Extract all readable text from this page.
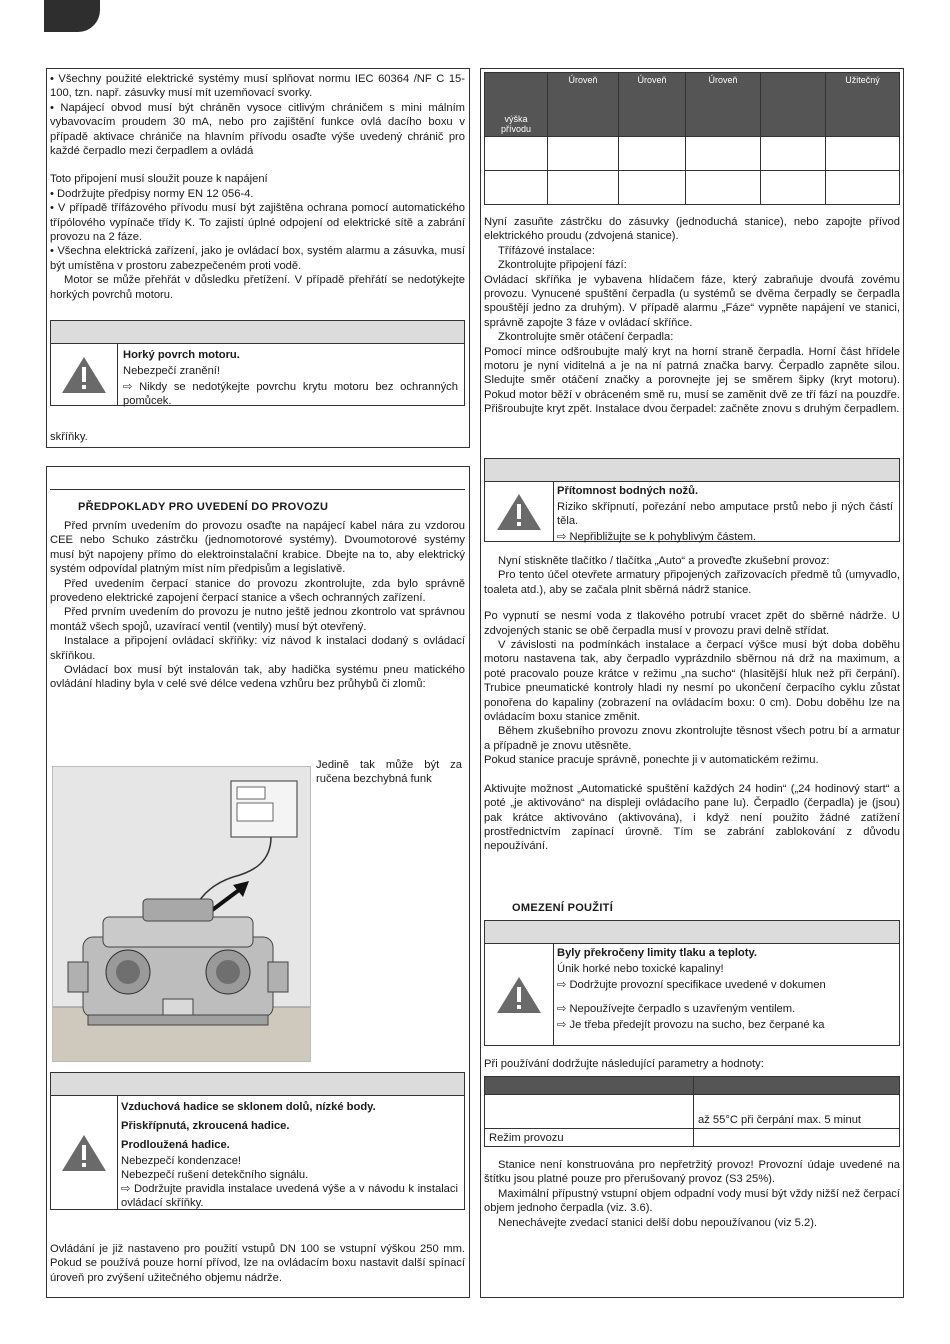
• Všechny použité elektrické systémy musí splňovat normu IEC 60364 /NF C 15-100, tzn. např. zásuvky musí mít uzemňovací svorky.

• Napájecí obvod musí být chráněn vysoce citlivým chráničem s mini málním vybavovacím proudem 30 mA, nebo pro zajištění funkce ovlá dacího boxu v případě aktivace chrániče na hlavním přívodu osaďte výše uvedený chránič pro každé čerpadlo mezi čerpadlem a ovládá

Toto připojení musí sloužit pouze k napájení

• Dodržujte předpisy normy EN 12 056-4.

• V případě třífázového přívodu musí být zajištěna ochrana pomocí automatického třípólového vypínače třídy K. To zajistí úplné odpojení od elektrické sítě a zabrání provozu na 2 fáze.

• Všechna elektrická zařízení, jako je ovládací box, systém alarmu a zásuvka, musí být umístěna v prostoru zabezpečeném proti vodě.

Motor se může přehřát v důsledku přetížení. V případě přehřátí se nedotýkejte horkých povrchů motoru.

Horký povrch motoru.

Nebezpečí zranění!

⇨ Nikdy se nedotýkejte povrchu krytu motoru bez ochranných pomůcek.

skříňky.
PŘEDPOKLADY PRO UVEDENÍ DO PROVOZU

Před prvním uvedením do provozu osaďte na napájecí kabel nára zu vzdorou CEE nebo Schuko zástrčku (jednomotorové systémy). Dvoumotorové systémy musí být napojeny přímo do elektroinstalační krabice. Dbejte na to, aby elektrický systém odpovídal platným míst ním předpisům a legislativě.

Před uvedením čerpací stanice do provozu zkontrolujte, zda bylo správně provedeno elektrické zapojení čerpací stanice a všech ochranných zařízení.

Před prvním uvedením do provozu je nutno ještě jednou zkontrolo vat správnou montáž všech spojů, uzavírací ventil (ventily) musí být otevřený.

Instalace a připojení ovládací skříňky: viz návod k instalaci dodaný s ovládací skříňkou.

Ovládací box musí být instalován tak, aby hadička systému pneu matického ovládání hladiny byla v celé své délce vedena vzhůru bez průhybů či zlomů:

Jedině tak může být za ručena bezchybná funk

Vzduchová hadice se sklonem dolů, nízké body.

Přiskřípnutá, zkroucená hadice.

Prodloužená hadice.

Nebezpečí kondenzace!

Nebezpečí rušení detekčního signálu.

⇨ Dodržujte pravidla instalace uvedená výše a v návodu k instalaci ovládací skříňky.

Ovládání je již nastaveno pro použití vstupů DN 100 se vstupní výškou 250 mm. Pokud se používá pouze horní přívod, lze na ovládacím boxu nastavit další spínací úroveň pro zvýšení užitečného objemu nádrže.
výška přívodu	Úroveň	Úroveň	Úroveň		Užitečný

Nyní zasuňte zástrčku do zásuvky (jednoduchá stanice), nebo zapojte přívod elektrického proudu (zdvojená stanice).

Třífázové instalace:

Zkontrolujte připojení fází:

Ovládací skříňka je vybavena hlídačem fáze, který zabraňuje dvoufá zovému provozu. Vynucené spuštění čerpadla (u systémů se dvěma čerpadly se čerpadla spouštějí jedno za druhým). V případě alarmu „Fáze“ vypněte napájení ve stanici, správně zapojte 3 fáze v ovládací skříňce.

Zkontrolujte směr otáčení čerpadla:

Pomocí mince odšroubujte malý kryt na horní straně čerpadla. Horní část hřídele motoru je nyní viditelná a je na ní patrná značka barvy. Čerpadlo zapněte silou. Sledujte směr otáčení značky a porovnejte jej se směrem šipky (kryt motoru). Pokud motor běží v obráceném smě ru, musí se zaměnit dvě ze tří fází na pouzdře. Přišroubujte kryt zpět. Instalace dvou čerpadel: začněte znovu s druhým čerpadlem.

Přítomnost bodných nožů.

Riziko skřípnutí, pořezání nebo amputace prstů nebo ji ných částí těla.

⇨ Nepřibližujte se k pohyblivým částem.

Nyní stiskněte tlačítko / tlačítka „Auto“ a proveďte zkušební provoz:

Pro tento účel otevřete armatury připojených zařizovacích předmě tů (umyvadlo, toaleta atd.), aby se začala plnit sběrná nádrž stanice.

Po vypnutí se nesmí voda z tlakového potrubí vracet zpět do sběrné nádrže. U zdvojených stanic se obě čerpadla musí v provozu pravi delně střídat.

V závislosti na podmínkách instalace a čerpací výšce musí být doba doběhu motoru nastavena tak, aby čerpadlo vyprázdnilo sběrnou ná drž na maximum, a poté pracovalo pouze krátce v režimu „na sucho“ (hlasitější hluk než při čerpání). Trubice pneumatické kontroly hladi ny nesmí po ukončení čerpacího cyklu zůstat ponořena do kapaliny (zobrazení na ovládacím boxu: 0 cm). Dobu doběhu lze na ovládacím boxu stanice změnit.

Během zkušebního provozu znovu zkontrolujte těsnost všech potru bí a armatur a případně je znovu utěsněte.

Pokud stanice pracuje správně, ponechte ji v automatickém režimu.

Aktivujte možnost „Automatické spuštění každých 24 hodin“ („24 hodinový start“ a poté „je aktivováno“ na displeji ovládacího pane lu). Čerpadlo (čerpadla) je (jsou) pak krátce aktivováno (aktivována), i když není použito žádné zatížení prostřednictvím zapínací úrovně. Tím se zabrání zablokování z důvodu nepoužívání.

OMEZENÍ POUŽITÍ

Byly překročeny limity tlaku a teploty.

Únik horké nebo toxické kapaliny!

⇨ Dodržujte provozní specifikace uvedené v dokumen

⇨ Nepoužívejte čerpadlo s uzavřeným ventilem.

⇨ Je třeba předejít provozu na sucho, bez čerpané ka

Při používání dodržujte následující parametry a hodnoty:

	až 55°C při čerpání max. 5 minut
Režim provozu	

Stanice není konstruována pro nepřetržitý provoz! Provozní údaje uvedené na štítku jsou platné pouze pro přerušovaný provoz (S3 25%).

Maximální přípustný vstupní objem odpadní vody musí být vždy nižší než čerpací objem jednoho čerpadla (viz. 3.6).

Nenechávejte zvedací stanici delší dobu nepoužívanou (viz 5.2).
